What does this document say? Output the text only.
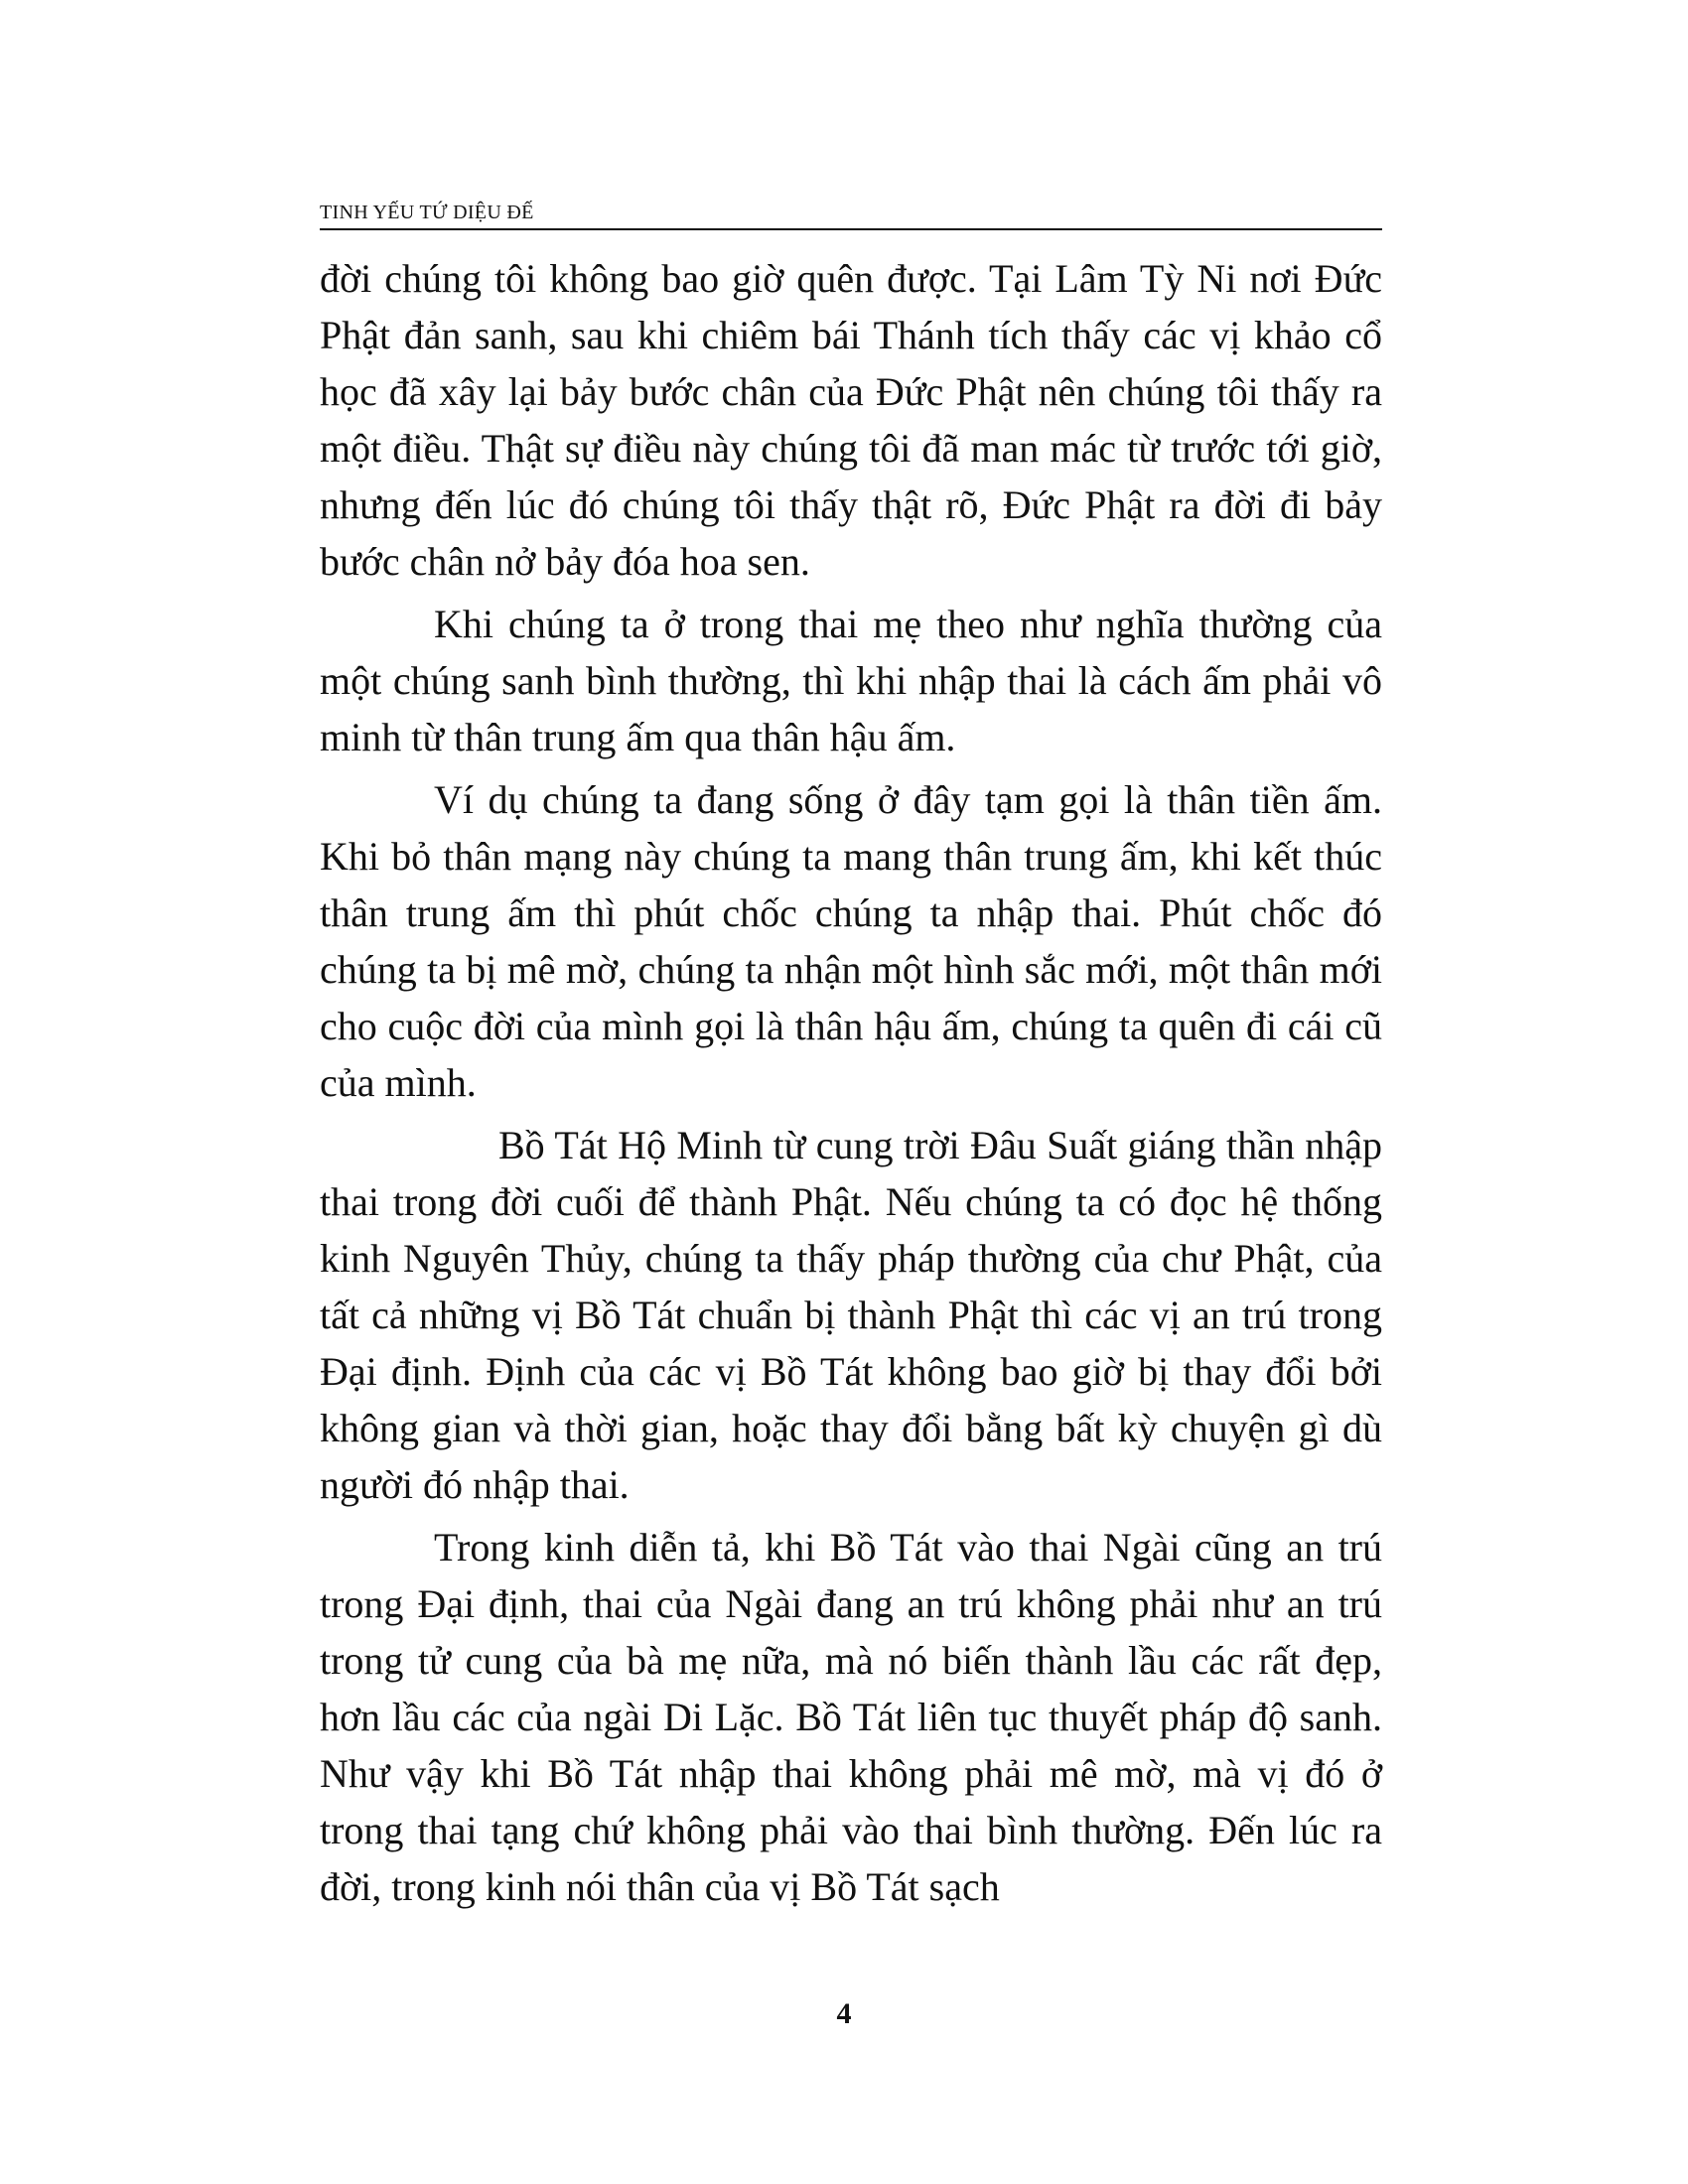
TINH YẾU TỨ DIỆU ĐẾ

đời chúng tôi không bao giờ quên được. Tại Lâm Tỳ Ni nơi Đức Phật đản sanh, sau khi chiêm bái Thánh tích thấy các vị khảo cổ học đã xây lại bảy bước chân của Đức Phật nên chúng tôi thấy ra một điều. Thật sự điều này chúng tôi đã man mác từ trước tới giờ, nhưng đến lúc đó chúng tôi thấy thật rõ, Đức Phật ra đời đi bảy bước chân nở bảy đóa hoa sen.

Khi chúng ta ở trong thai mẹ theo như nghĩa thường của một chúng sanh bình thường, thì khi nhập thai là cách ấm phải vô minh từ thân trung ấm qua thân hậu ấm.

Ví dụ chúng ta đang sống ở đây tạm gọi là thân tiền ấm. Khi bỏ thân mạng này chúng ta mang thân trung ấm, khi kết thúc thân trung ấm thì phút chốc chúng ta nhập thai. Phút chốc đó chúng ta bị mê mờ, chúng ta nhận một hình sắc mới, một thân mới cho cuộc đời của mình gọi là thân hậu ấm, chúng ta quên đi cái cũ của mình.

Bồ Tát Hộ Minh từ cung trời Đâu Suất giáng thần nhập thai trong đời cuối để thành Phật. Nếu chúng ta có đọc hệ thống kinh Nguyên Thủy, chúng ta thấy pháp thường của chư Phật, của tất cả những vị Bồ Tát chuẩn bị thành Phật thì các vị an trú trong Đại định. Định của các vị Bồ Tát không bao giờ bị thay đổi bởi không gian và thời gian, hoặc thay đổi bằng bất kỳ chuyện gì dù người đó nhập thai.

Trong kinh diễn tả, khi Bồ Tát vào thai Ngài cũng an trú trong Đại định, thai của Ngài đang an trú không phải như an trú trong tử cung của bà mẹ nữa, mà nó biến thành lầu các rất đẹp, hơn lầu các của ngài Di Lặc. Bồ Tát liên tục thuyết pháp độ sanh. Như vậy khi Bồ Tát nhập thai không phải mê mờ, mà vị đó ở trong thai tạng chứ không phải vào thai bình thường. Đến lúc ra đời, trong kinh nói thân của vị Bồ Tát sạch

4
